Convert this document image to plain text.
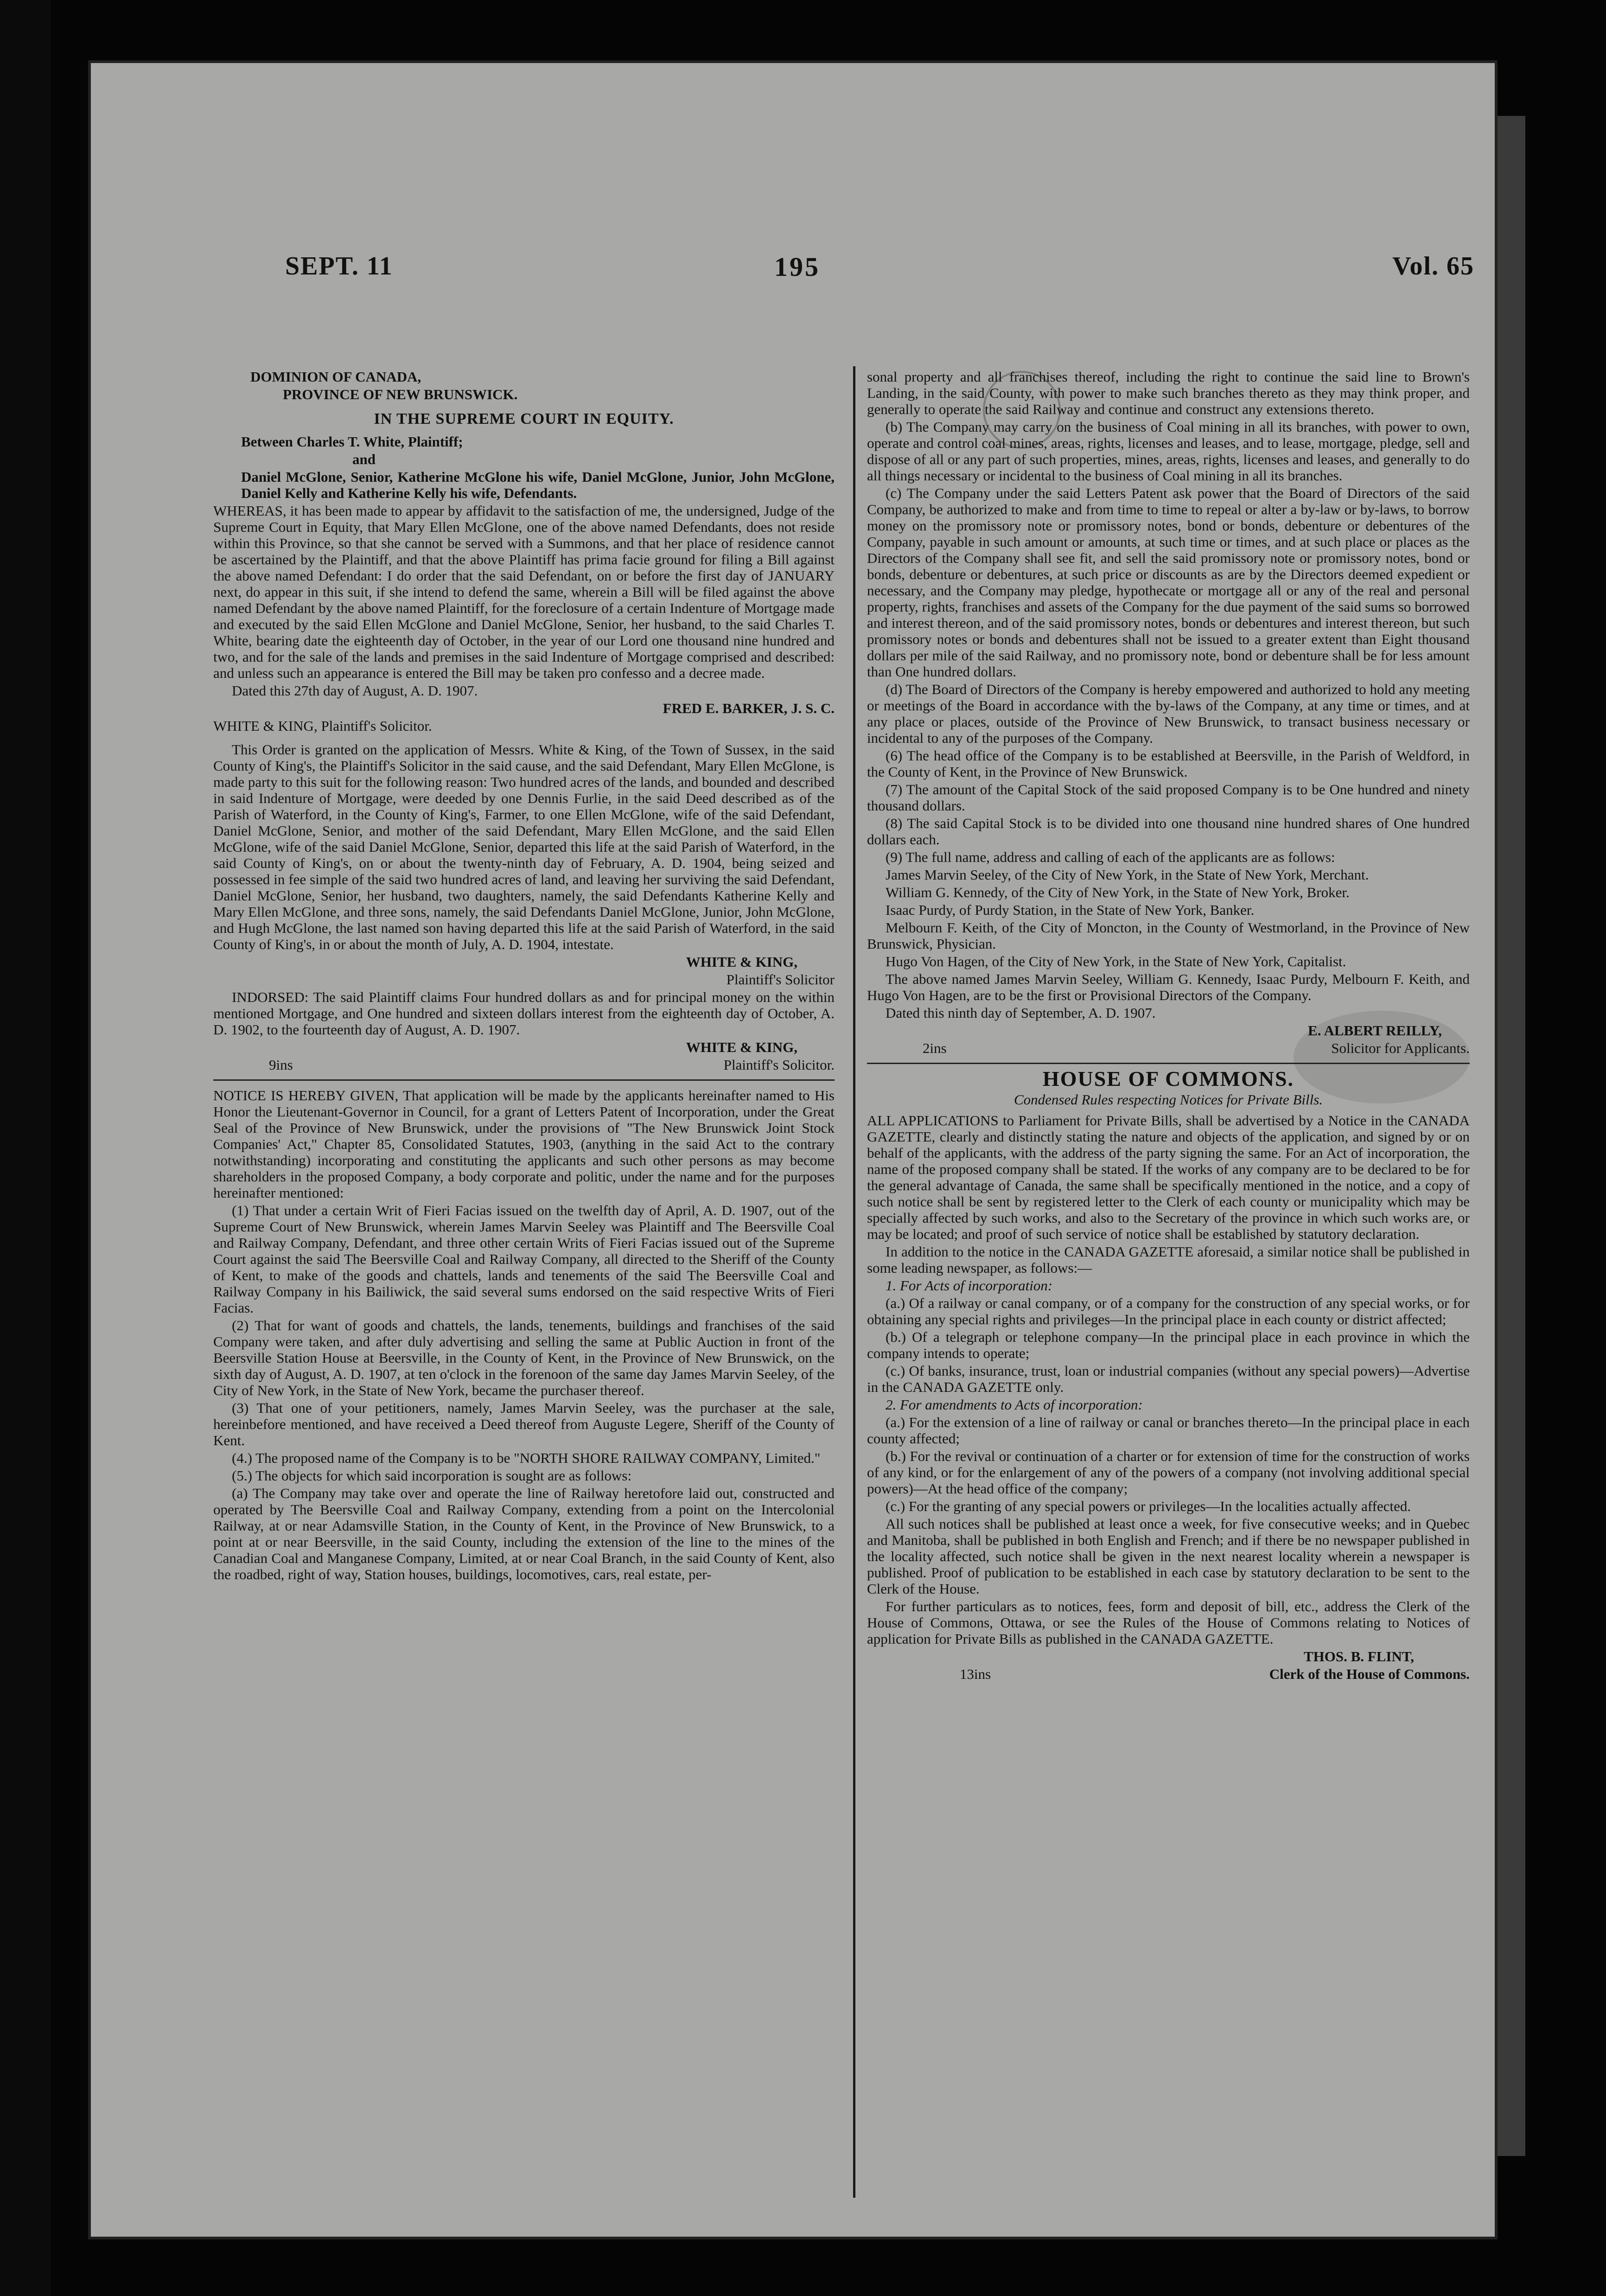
SEPT. 11	195	Vol. 65

DOMINION OF CANADA,

PROVINCE OF NEW BRUNSWICK.

IN THE SUPREME COURT IN EQUITY.

Between Charles T. White, Plaintiff;

and

Daniel McGlone, Senior, Katherine McGlone his wife, Daniel McGlone, Junior, John McGlone, Daniel Kelly and Katherine Kelly his wife, Defendants.

WHEREAS, it has been made to appear by affidavit to the satisfaction of me, the undersigned, Judge of the Supreme Court in Equity, that Mary Ellen McGlone, one of the above named Defendants, does not reside within this Province, so that she cannot be served with a Summons, and that her place of residence cannot be ascertained by the Plaintiff, and that the above Plaintiff has prima facie ground for filing a Bill against the above named Defendant: I do order that the said Defendant, on or before the first day of JANUARY next, do appear in this suit, if she intend to defend the same, wherein a Bill will be filed against the above named Defendant by the above named Plaintiff, for the foreclosure of a certain Indenture of Mortgage made and executed by the said Ellen McGlone and Daniel McGlone, Senior, her husband, to the said Charles T. White, bearing date the eighteenth day of October, in the year of our Lord one thousand nine hundred and two, and for the sale of the lands and premises in the said Indenture of Mortgage comprised and described: and unless such an appearance is entered the Bill may be taken pro confesso and a decree made.

Dated this 27th day of August, A. D. 1907.

FRED E. BARKER, J. S. C.

WHITE & KING, Plaintiff's Solicitor.

This Order is granted on the application of Messrs. White & King, of the Town of Sussex, in the said County of King's, the Plaintiff's Solicitor in the said cause, and the said Defendant, Mary Ellen McGlone, is made party to this suit for the following reason: Two hundred acres of the lands, and bounded and described in said Indenture of Mortgage, were deeded by one Dennis Furlie, in the said Deed described as of the Parish of Waterford, in the County of King's, Farmer, to one Ellen McGlone, wife of the said Defendant, Daniel McGlone, Senior, and mother of the said Defendant, Mary Ellen McGlone, and the said Ellen McGlone, wife of the said Daniel McGlone, Senior, departed this life at the said Parish of Waterford, in the said County of King's, on or about the twenty-ninth day of February, A. D. 1904, being seized and possessed in fee simple of the said two hundred acres of land, and leaving her surviving the said Defendant, Daniel McGlone, Senior, her husband, two daughters, namely, the said Defendants Katherine Kelly and Mary Ellen McGlone, and three sons, namely, the said Defendants Daniel McGlone, Junior, John McGlone, and Hugh McGlone, the last named son having departed this life at the said Parish of Waterford, in the said County of King's, in or about the month of July, A. D. 1904, intestate.

WHITE & KING,

Plaintiff's Solicitor

INDORSED: The said Plaintiff claims Four hundred dollars as and for principal money on the within mentioned Mortgage, and One hundred and sixteen dollars interest from the eighteenth day of October, A. D. 1902, to the fourteenth day of August, A. D. 1907.

WHITE & KING,

9ins	Plaintiff's Solicitor.

NOTICE IS HEREBY GIVEN, That application will be made by the applicants hereinafter named to His Honor the Lieutenant-Governor in Council, for a grant of Letters Patent of Incorporation, under the Great Seal of the Province of New Brunswick, under the provisions of "The New Brunswick Joint Stock Companies' Act," Chapter 85, Consolidated Statutes, 1903, (anything in the said Act to the contrary notwithstanding) incorporating and constituting the applicants and such other persons as may become shareholders in the proposed Company, a body corporate and politic, under the name and for the purposes hereinafter mentioned:

(1) That under a certain Writ of Fieri Facias issued on the twelfth day of April, A. D. 1907, out of the Supreme Court of New Brunswick, wherein James Marvin Seeley was Plaintiff and The Beersville Coal and Railway Company, Defendant, and three other certain Writs of Fieri Facias issued out of the Supreme Court against the said The Beersville Coal and Railway Company, all directed to the Sheriff of the County of Kent, to make of the goods and chattels, lands and tenements of the said The Beersville Coal and Railway Company in his Bailiwick, the said several sums endorsed on the said respective Writs of Fieri Facias.

(2) That for want of goods and chattels, the lands, tenements, buildings and franchises of the said Company were taken, and after duly advertising and selling the same at Public Auction in front of the Beersville Station House at Beersville, in the County of Kent, in the Province of New Brunswick, on the sixth day of August, A. D. 1907, at ten o'clock in the forenoon of the same day James Marvin Seeley, of the City of New York, in the State of New York, became the purchaser thereof.

(3) That one of your petitioners, namely, James Marvin Seeley, was the purchaser at the sale, hereinbefore mentioned, and have received a Deed thereof from Auguste Legere, Sheriff of the County of Kent.

(4.) The proposed name of the Company is to be "NORTH SHORE RAILWAY COMPANY, Limited."

(5.) The objects for which said incorporation is sought are as follows:

(a) The Company may take over and operate the line of Railway heretofore laid out, constructed and operated by The Beersville Coal and Railway Company, extending from a point on the Intercolonial Railway, at or near Adamsville Station, in the County of Kent, in the Province of New Brunswick, to a point at or near Beersville, in the said County, including the extension of the line to the mines of the Canadian Coal and Manganese Company, Limited, at or near Coal Branch, in the said County of Kent, also the roadbed, right of way, Station houses, buildings, locomotives, cars, real estate, per-

sonal property and all franchises thereof, including the right to continue the said line to Brown's Landing, in the said County, with power to make such branches thereto as they may think proper, and generally to operate the said Railway and continue and construct any extensions thereto.

(b) The Company may carry on the business of Coal mining in all its branches, with power to own, operate and control coal mines, areas, rights, licenses and leases, and to lease, mortgage, pledge, sell and dispose of all or any part of such properties, mines, areas, rights, licenses and leases, and generally to do all things necessary or incidental to the business of Coal mining in all its branches.

(c) The Company under the said Letters Patent ask power that the Board of Directors of the said Company, be authorized to make and from time to time to repeal or alter a by-law or by-laws, to borrow money on the promissory note or promissory notes, bond or bonds, debenture or debentures of the Company, payable in such amount or amounts, at such time or times, and at such place or places as the Directors of the Company shall see fit, and sell the said promissory note or promissory notes, bond or bonds, debenture or debentures, at such price or discounts as are by the Directors deemed expedient or necessary, and the Company may pledge, hypothecate or mortgage all or any of the real and personal property, rights, franchises and assets of the Company for the due payment of the said sums so borrowed and interest thereon, and of the said promissory notes, bonds or debentures and interest thereon, but such promissory notes or bonds and debentures shall not be issued to a greater extent than Eight thousand dollars per mile of the said Railway, and no promissory note, bond or debenture shall be for less amount than One hundred dollars.

(d) The Board of Directors of the Company is hereby empowered and authorized to hold any meeting or meetings of the Board in accordance with the by-laws of the Company, at any time or times, and at any place or places, outside of the Province of New Brunswick, to transact business necessary or incidental to any of the purposes of the Company.

(6) The head office of the Company is to be established at Beersville, in the Parish of Weldford, in the County of Kent, in the Province of New Brunswick.

(7) The amount of the Capital Stock of the said proposed Company is to be One hundred and ninety thousand dollars.

(8) The said Capital Stock is to be divided into one thousand nine hundred shares of One hundred dollars each.

(9) The full name, address and calling of each of the applicants are as follows:

James Marvin Seeley, of the City of New York, in the State of New York, Merchant.

William G. Kennedy, of the City of New York, in the State of New York, Broker.

Isaac Purdy, of Purdy Station, in the State of New York, Banker.

Melbourn F. Keith, of the City of Moncton, in the County of Westmorland, in the Province of New Brunswick, Physician.

Hugo Von Hagen, of the City of New York, in the State of New York, Capitalist.

The above named James Marvin Seeley, William G. Kennedy, Isaac Purdy, Melbourn F. Keith, and Hugo Von Hagen, are to be the first or Provisional Directors of the Company.

Dated this ninth day of September, A. D. 1907.

E. ALBERT REILLY,

2ins	Solicitor for Applicants.
HOUSE OF COMMONS.

Condensed Rules respecting Notices for Private Bills.

ALL APPLICATIONS to Parliament for Private Bills, shall be advertised by a Notice in the CANADA GAZETTE, clearly and distinctly stating the nature and objects of the application, and signed by or on behalf of the applicants, with the address of the party signing the same. For an Act of incorporation, the name of the proposed company shall be stated. If the works of any company are to be declared to be for the general advantage of Canada, the same shall be specifically mentioned in the notice, and a copy of such notice shall be sent by registered letter to the Clerk of each county or municipality which may be specially affected by such works, and also to the Secretary of the province in which such works are, or may be located; and proof of such service of notice shall be established by statutory declaration.

In addition to the notice in the CANADA GAZETTE aforesaid, a similar notice shall be published in some leading newspaper, as follows:—

1. For Acts of incorporation:

(a.) Of a railway or canal company, or of a company for the construction of any special works, or for obtaining any special rights and privileges—In the principal place in each county or district affected;

(b.) Of a telegraph or telephone company—In the principal place in each province in which the company intends to operate;

(c.) Of banks, insurance, trust, loan or industrial companies (without any special powers)—Advertise in the CANADA GAZETTE only.

2. For amendments to Acts of incorporation:

(a.) For the extension of a line of railway or canal or branches thereto—In the principal place in each county affected;

(b.) For the revival or continuation of a charter or for extension of time for the construction of works of any kind, or for the enlargement of any of the powers of a company (not involving additional special powers)—At the head office of the company;

(c.) For the granting of any special powers or privileges—In the localities actually affected.

All such notices shall be published at least once a week, for five consecutive weeks; and in Quebec and Manitoba, shall be published in both English and French; and if there be no newspaper published in the locality affected, such notice shall be given in the next nearest locality wherein a newspaper is published. Proof of publication to be established in each case by statutory declaration to be sent to the Clerk of the House.

For further particulars as to notices, fees, form and deposit of bill, etc., address the Clerk of the House of Commons, Ottawa, or see the Rules of the House of Commons relating to Notices of application for Private Bills as published in the CANADA GAZETTE.

THOS. B. FLINT,

13ins	Clerk of the House of Commons.
